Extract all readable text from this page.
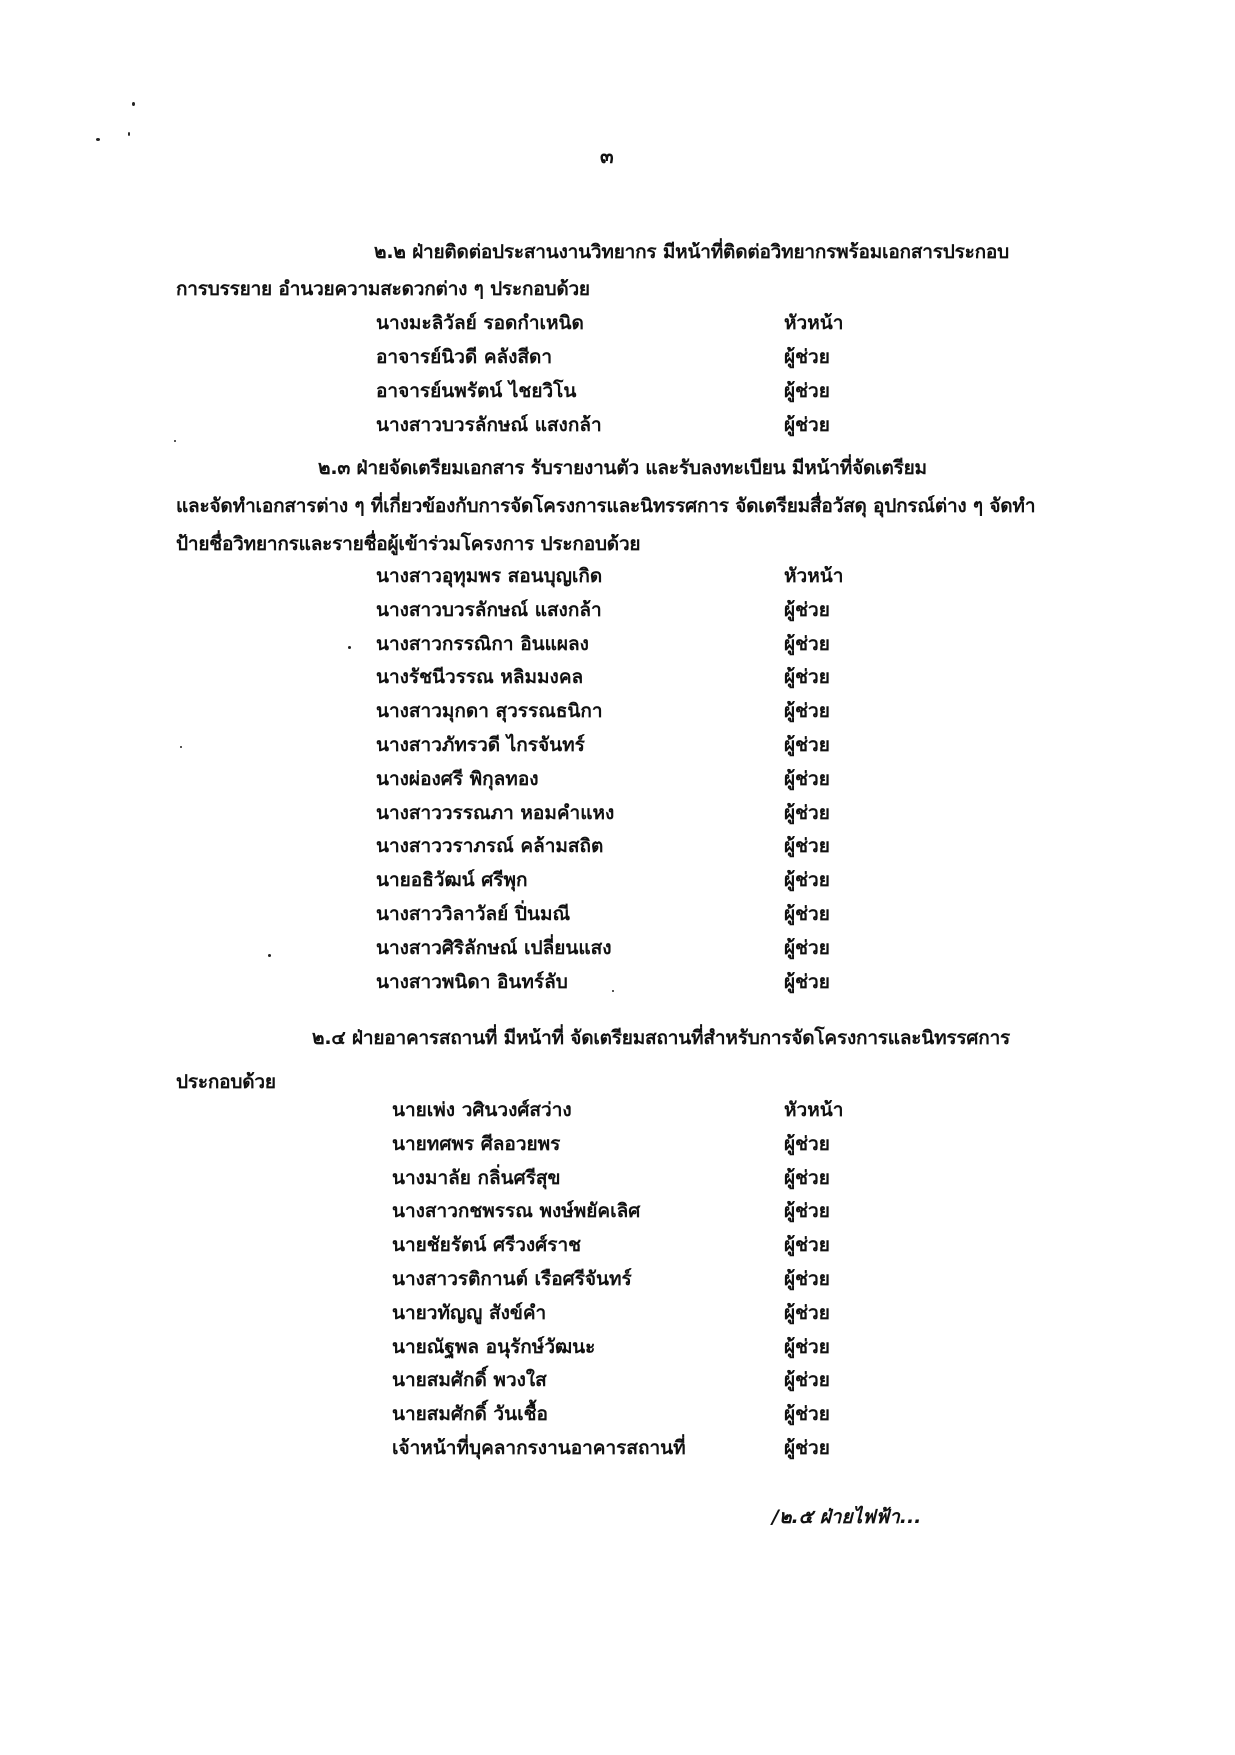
๓
๒.๒ ฝ่ายติดต่อประสานงานวิทยากร มีหน้าที่ติดต่อวิทยากรพร้อมเอกสารประกอบ
การบรรยาย อำนวยความสะดวกต่าง ๆ ประกอบด้วย
นางมะลิวัลย์ รอดกำเหนิด	หัวหน้า
อาจารย์นิวดี คลังสีดา	ผู้ช่วย
อาจารย์นพรัตน์ ไชยวิโน	ผู้ช่วย
นางสาวบวรลักษณ์ แสงกล้า	ผู้ช่วย
๒.๓ ฝ่ายจัดเตรียมเอกสาร รับรายงานตัว และรับลงทะเบียน มีหน้าที่จัดเตรียม
และจัดทำเอกสารต่าง ๆ ที่เกี่ยวข้องกับการจัดโครงการและนิทรรศการ จัดเตรียมสื่อวัสดุ อุปกรณ์ต่าง ๆ จัดทำ
ป้ายชื่อวิทยากรและรายชื่อผู้เข้าร่วมโครงการ ประกอบด้วย
นางสาวอุทุมพร สอนบุญเกิด	หัวหน้า
นางสาวบวรลักษณ์ แสงกล้า	ผู้ช่วย
นางสาวกรรณิกา อินแผลง	ผู้ช่วย
นางรัชนีวรรณ หลิมมงคล	ผู้ช่วย
นางสาวมุกดา สุวรรณธนิกา	ผู้ช่วย
นางสาวภัทรวดี ไกรจันทร์	ผู้ช่วย
นางผ่องศรี พิกุลทอง	ผู้ช่วย
นางสาววรรณภา หอมคำแหง	ผู้ช่วย
นางสาววราภรณ์ คล้ามสถิต	ผู้ช่วย
นายอธิวัฒน์ ศรีพุก	ผู้ช่วย
นางสาววิลาวัลย์ ปิ่นมณี	ผู้ช่วย
นางสาวศิริลักษณ์ เปลี่ยนแสง	ผู้ช่วย
นางสาวพนิดา อินทร์ลับ	ผู้ช่วย
๒.๔ ฝ่ายอาคารสถานที่ มีหน้าที่ จัดเตรียมสถานที่สำหรับการจัดโครงการและนิทรรศการ
ประกอบด้วย
นายเพ่ง วศินวงศ์สว่าง	หัวหน้า
นายทศพร ศีลอวยพร	ผู้ช่วย
นางมาลัย กลิ่นศรีสุข	ผู้ช่วย
นางสาวกชพรรณ พงษ์พยัคเลิศ	ผู้ช่วย
นายชัยรัตน์ ศรีวงศ์ราช	ผู้ช่วย
นางสาวรติกานต์ เรือศรีจันทร์	ผู้ช่วย
นายวทัญญู สังข์คำ	ผู้ช่วย
นายณัฐพล อนุรักษ์วัฒนะ	ผู้ช่วย
นายสมศักดิ์ พวงใส	ผู้ช่วย
นายสมศักดิ์ วันเชื้อ	ผู้ช่วย
เจ้าหน้าที่บุคลากรงานอาคารสถานที่	ผู้ช่วย
/๒.๕ ฝ่ายไฟฟ้า...
